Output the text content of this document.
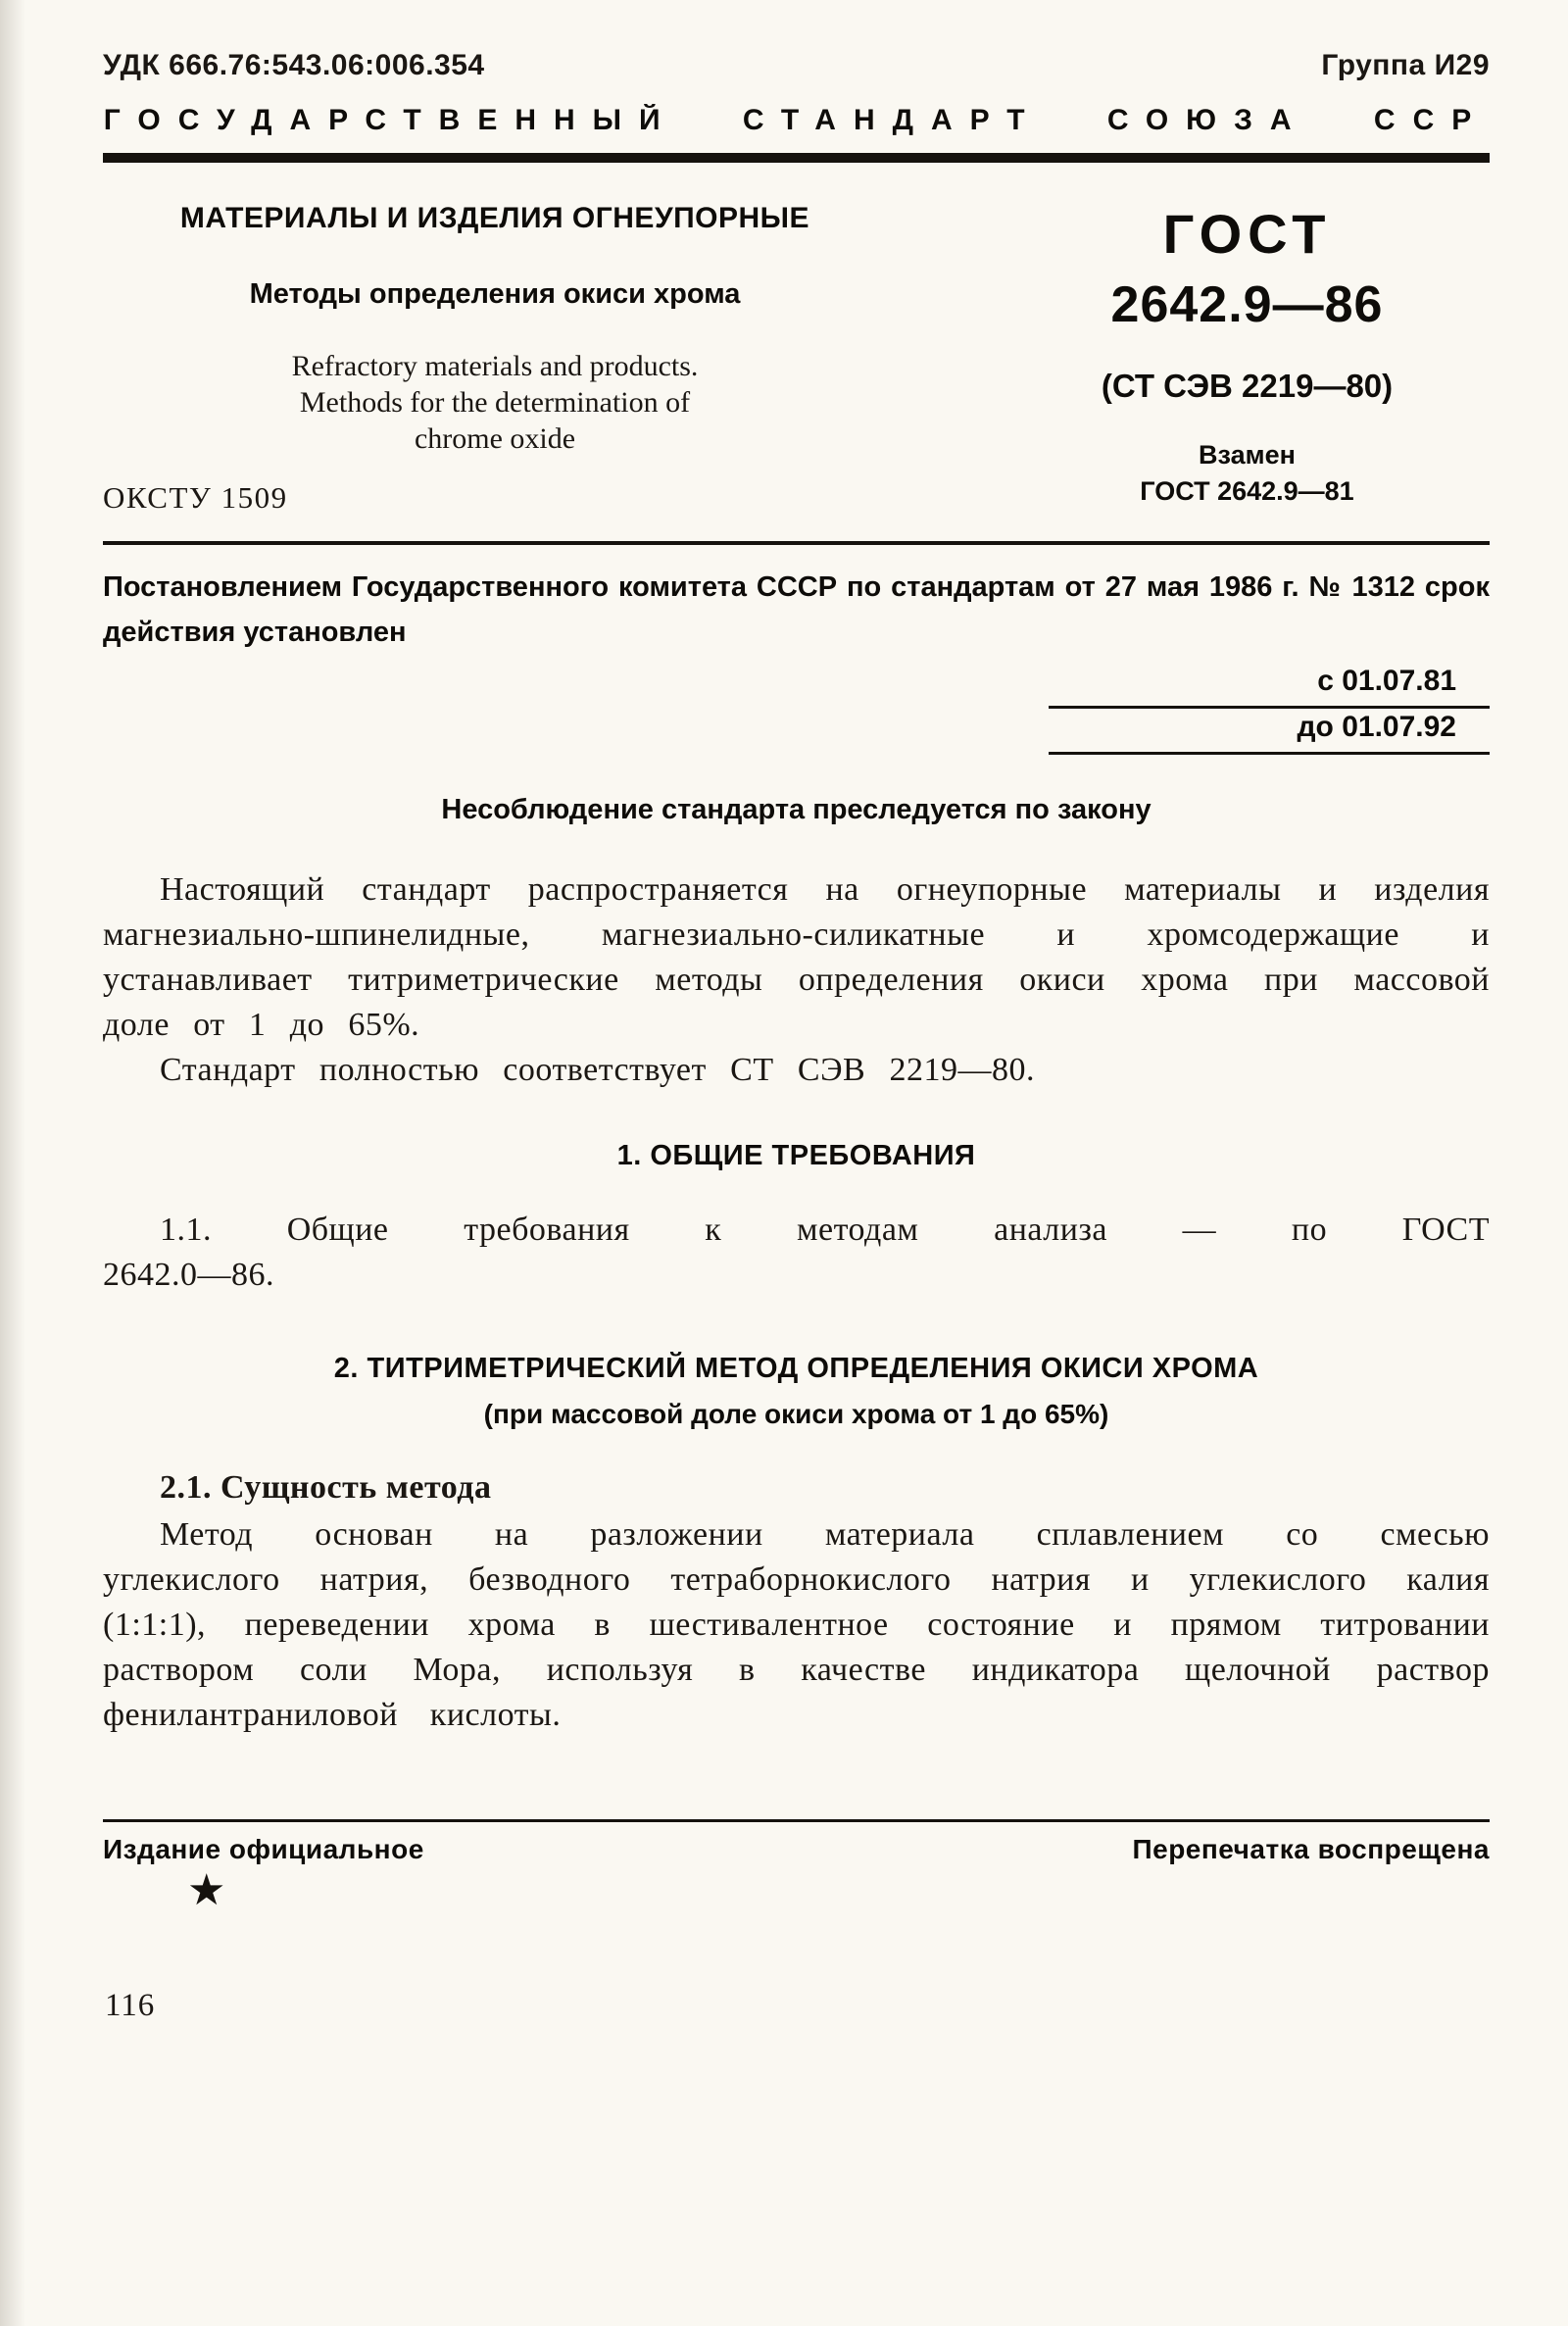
УДК 666.76:543.06:006.354	Группа И29
ГОСУДАРСТВЕННЫЙ СТАНДАРТ СОЮЗА ССР
МАТЕРИАЛЫ И ИЗДЕЛИЯ ОГНЕУПОРНЫЕ
Методы определения окиси хрома
Refractory materials and products.
Methods for the determination of
chrome oxide
ОКСТУ 1509
ГОСТ
2642.9—86
(СТ СЭВ 2219—80)
Взамен
ГОСТ 2642.9—81
Постановлением Государственного комитета СССР по стандартам от 27 мая 1986 г. № 1312 срок действия установлен
с 01.07.81
до 01.07.92
Несоблюдение стандарта преследуется по закону

Настоящий стандарт распространяется на огнеупорные материалы и изделия магнезиально-шпинелидные, магнезиально-силикатные и хромсодержащие и устанавливает титриметрические методы определения окиси хрома при массовой доле от 1 до 65%.

Стандарт полностью соответствует СТ СЭВ 2219—80.

1. ОБЩИЕ ТРЕБОВАНИЯ

1.1. Общие требования к методам анализа — по ГОСТ 2642.0—86.

2. ТИТРИМЕТРИЧЕСКИЙ МЕТОД ОПРЕДЕЛЕНИЯ ОКИСИ ХРОМА
(при массовой доле окиси хрома от 1 до 65%)
2.1. Сущность метода

Метод основан на разложении материала сплавлением со смесью углекислого натрия, безводного тетраборнокислого натрия и углекислого калия (1:1:1), переведении хрома в шестивалентное состояние и прямом титровании раствором соли Мора, используя в качестве индикатора щелочной раствор фенилантраниловой кислоты.

Издание официальное	Перепечатка воспрещена
★
116
